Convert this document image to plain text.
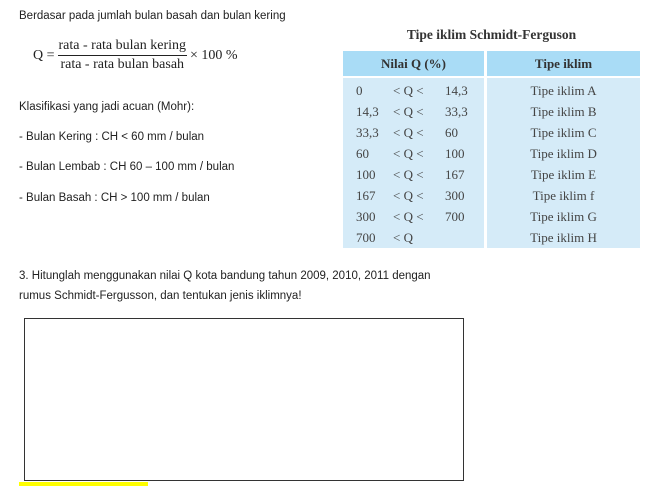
Berdasar pada jumlah bulan basah dan bulan kering
$Q = \frac{\text{rata - rata bulan kering}}{\text{rata - rata bulan basah}} \times 100$ %
Klasifikasi yang jadi acuan (Mohr):
- Bulan Kering : CH < 60 mm / bulan
- Bulan Lembab : CH 60 – 100 mm / bulan
- Bulan Basah : CH > 100 mm / bulan
Tipe iklim Schmidt-Ferguson
Nilai Q (%)	Tipe iklim
0 < Q < 14,3	Tipe iklim A
14,3 < Q < 33,3	Tipe iklim B
33,3 < Q < 60	Tipe iklim C
60 < Q < 100	Tipe iklim D
100 < Q < 167	Tipe iklim E
167 < Q < 300	Tipe iklim f
300 < Q < 700	Tipe iklim G
700 < Q	Tipe iklim H
3. Hitunglah menggunakan nilai Q kota bandung tahun 2009, 2010, 2011 dengan
rumus Schmidt-Fergusson, dan tentukan jenis iklimnya!
